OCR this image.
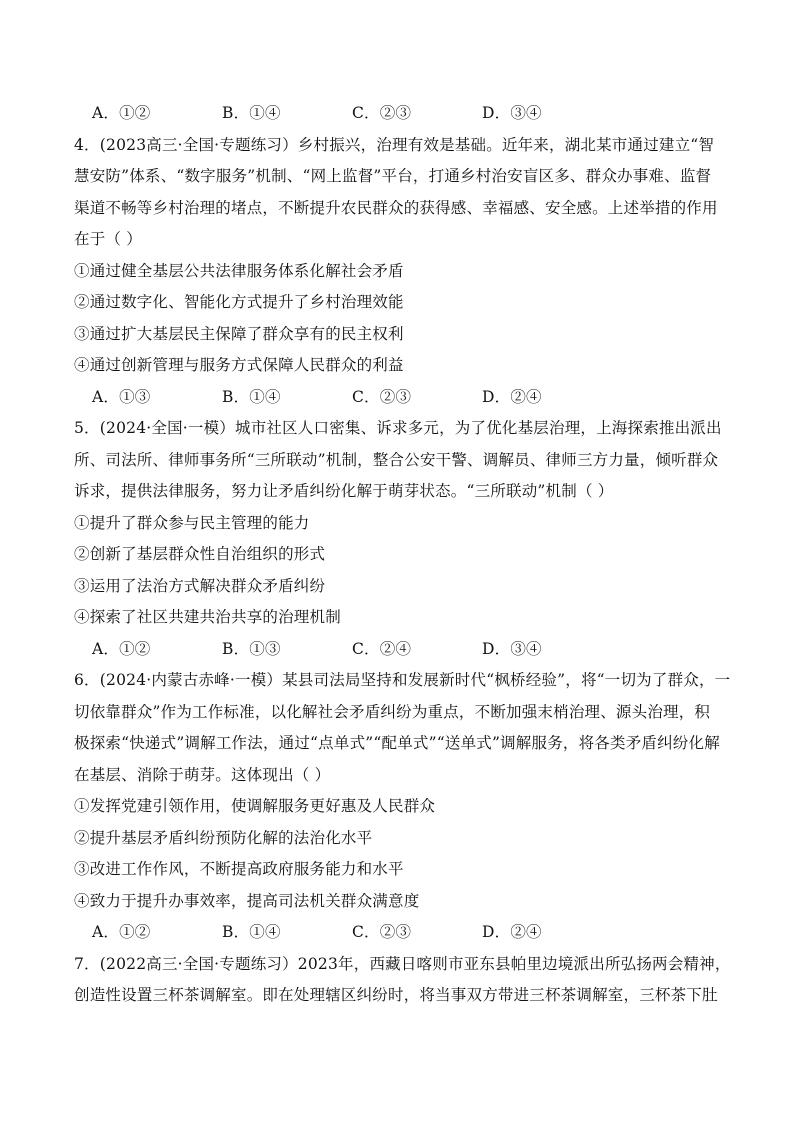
A．①②	B．①④	C．②③	D．③④
4．(2023高三·全国·专题练习）乡村振兴，治理有效是基础。近年来，湖北某市通过建立“智
慧安防”体系、“数字服务”机制、“网上监督”平台，打通乡村治安盲区多、群众办事难、监督
渠道不畅等乡村治理的堵点，不断提升农民群众的获得感、幸福感、安全感。上述举措的作用
在于（ ）
①通过健全基层公共法律服务体系化解社会矛盾
②通过数字化、智能化方式提升了乡村治理效能
③通过扩大基层民主保障了群众享有的民主权利
④通过创新管理与服务方式保障人民群众的利益
A．①③	B．①④	C．②③	D．②④
5．(2024·全国·一模）城市社区人口密集、诉求多元，为了优化基层治理，上海探索推出派出
所、司法所、律师事务所“三所联动”机制，整合公安干警、调解员、律师三方力量，倾听群众
诉求，提供法律服务，努力让矛盾纠纷化解于萌芽状态。“三所联动”机制（ ）
①提升了群众参与民主管理的能力
②创新了基层群众性自治组织的形式
③运用了法治方式解决群众矛盾纠纷
④探索了社区共建共治共享的治理机制
A．①②	B．①③	C．②④	D．③④
6．(2024·内蒙古赤峰·一模）某县司法局坚持和发展新时代“枫桥经验”，将“一切为了群众，一
切依靠群众”作为工作标准，以化解社会矛盾纠纷为重点，不断加强末梢治理、源头治理，积
极探索“快递式”调解工作法，通过“点单式”“配单式”“送单式”调解服务，将各类矛盾纠纷化解
在基层、消除于萌芽。这体现出（ ）
①发挥党建引领作用，使调解服务更好惠及人民群众
②提升基层矛盾纠纷预防化解的法治化水平
③改进工作作风，不断提高政府服务能力和水平
④致力于提升办事效率，提高司法机关群众满意度
A．①②	B．①④	C．②③	D．②④
7．(2022高三·全国·专题练习）2023年，西藏日喀则市亚东县帕里边境派出所弘扬两会精神，
创造性设置三杯茶调解室。即在处理辖区纠纷时，将当事双方带进三杯茶调解室，三杯茶下肚
